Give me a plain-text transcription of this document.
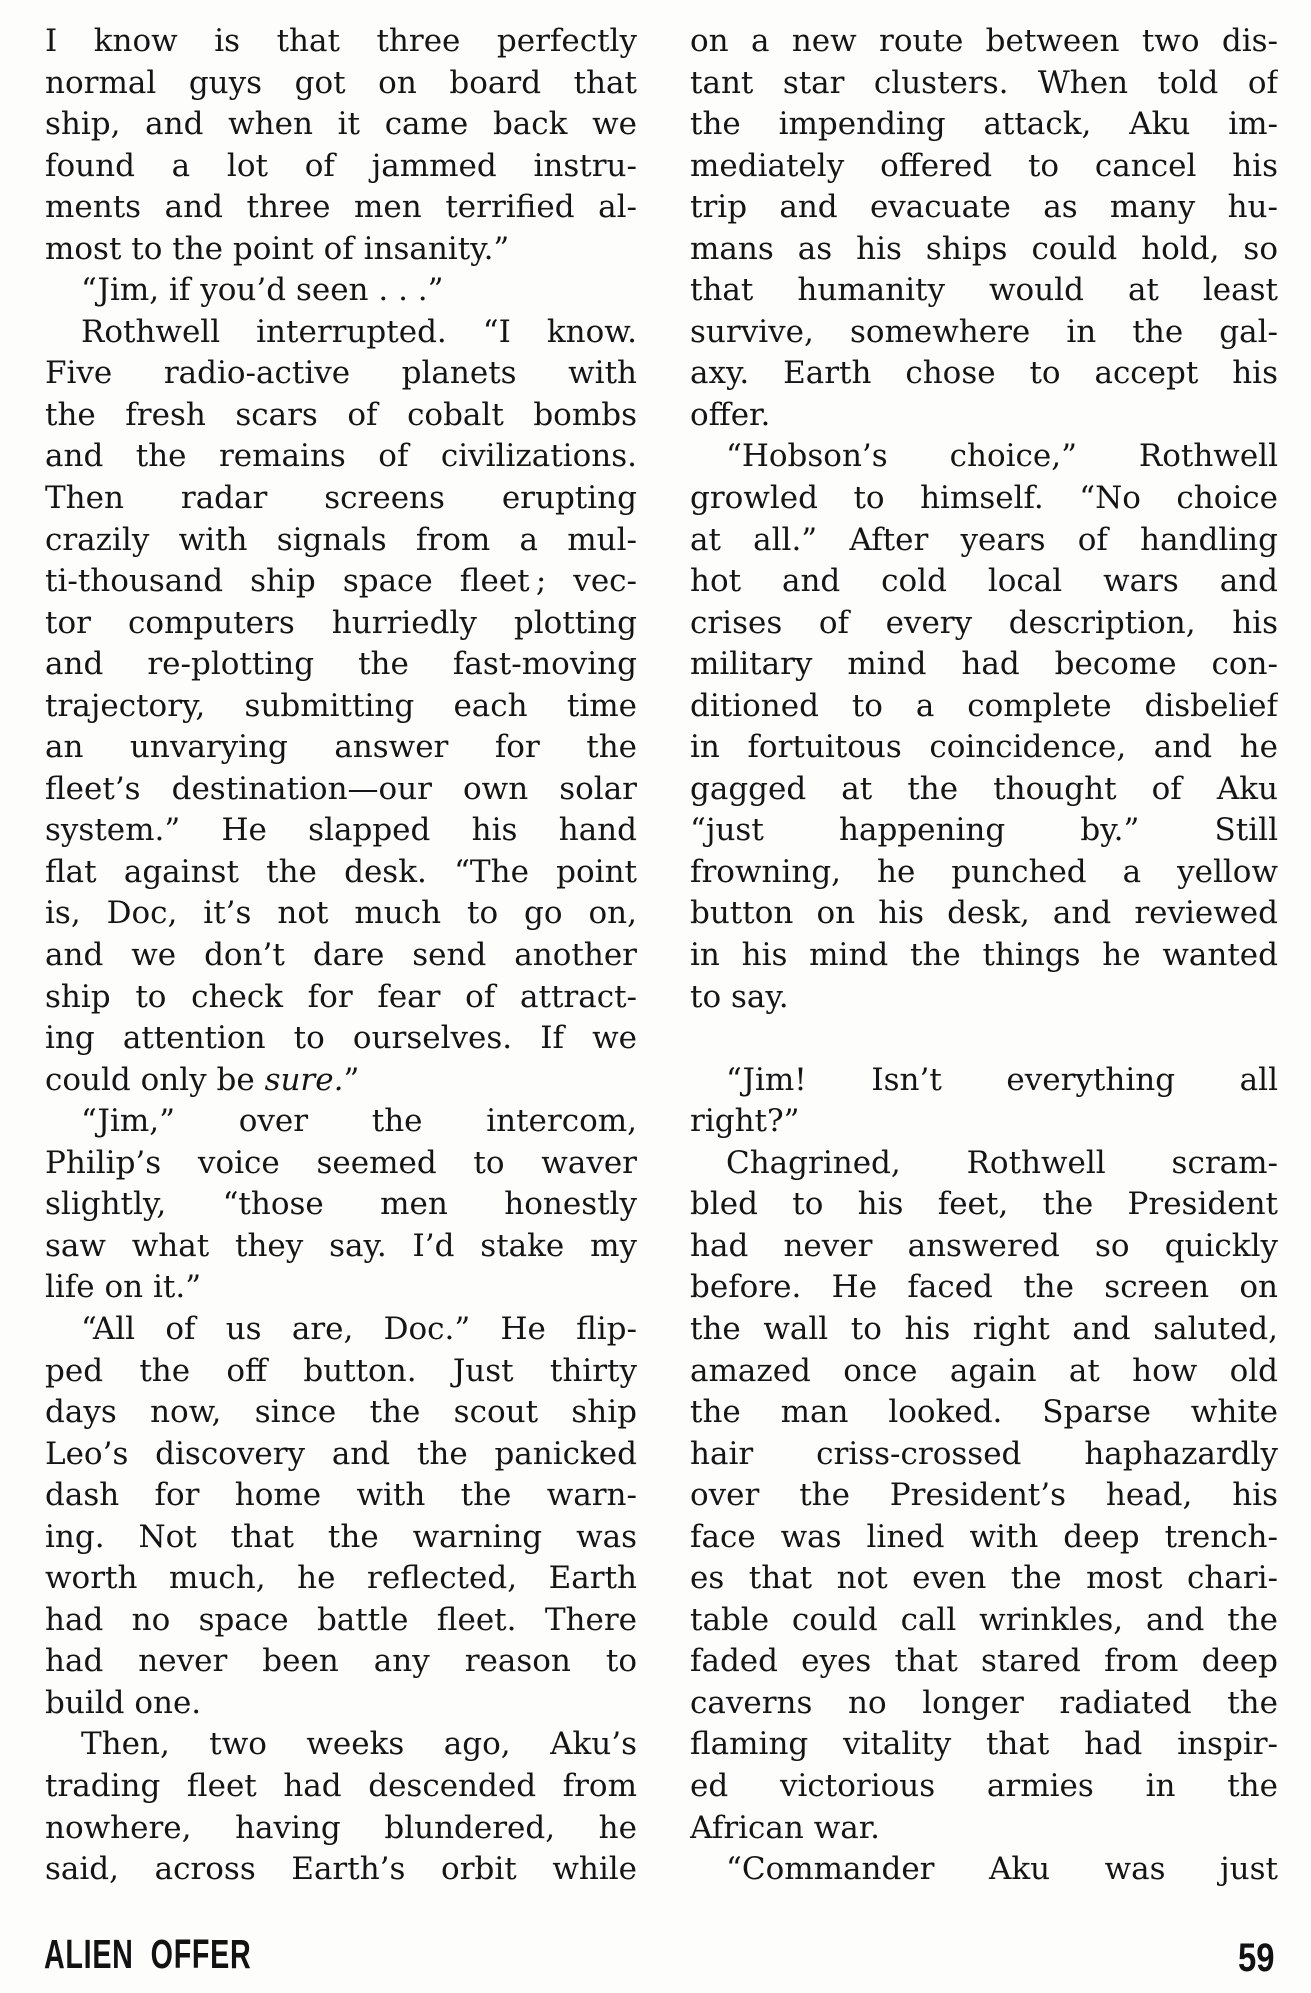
I know is that three perfectly
normal guys got on board that
ship, and when it came back we
found a lot of jammed instru-
ments and three men terrified al-
most to the point of insanity.”
“Jim, if you’d seen . . .”
Rothwell interrupted. “I know.
Five radio-active planets with
the fresh scars of cobalt bombs
and the remains of civilizations.
Then radar screens erupting
crazily with signals from a mul-
ti-thousand ship space fleet ; vec-
tor computers hurriedly plotting
and re-plotting the fast-moving
trajectory, submitting each time
an unvarying answer for the
fleet’s destination—our own solar
system.” He slapped his hand
flat against the desk. “The point
is, Doc, it’s not much to go on,
and we don’t dare send another
ship to check for fear of attract-
ing attention to ourselves. If we
could only be sure.”
“Jim,” over the intercom,
Philip’s voice seemed to waver
slightly, “those men honestly
saw what they say. I’d stake my
life on it.”
“All of us are, Doc.” He flip-
ped the off button. Just thirty
days now, since the scout ship
Leo’s discovery and the panicked
dash for home with the warn-
ing. Not that the warning was
worth much, he reflected, Earth
had no space battle fleet. There
had never been any reason to
build one.
Then, two weeks ago, Aku’s
trading fleet had descended from
nowhere, having blundered, he
said, across Earth’s orbit while
on a new route between two dis-
tant star clusters. When told of
the impending attack, Aku im-
mediately offered to cancel his
trip and evacuate as many hu-
mans as his ships could hold, so
that humanity would at least
survive, somewhere in the gal-
axy. Earth chose to accept his
offer.
“Hobson’s choice,” Rothwell
growled to himself. “No choice
at all.” After years of handling
hot and cold local wars and
crises of every description, his
military mind had become con-
ditioned to a complete disbelief
in fortuitous coincidence, and he
gagged at the thought of Aku
“just happening by.” Still
frowning, he punched a yellow
button on his desk, and reviewed
in his mind the things he wanted
to say.
“Jim! Isn’t everything all
right?”
Chagrined, Rothwell scram-
bled to his feet, the President
had never answered so quickly
before. He faced the screen on
the wall to his right and saluted,
amazed once again at how old
the man looked. Sparse white
hair criss-crossed haphazardly
over the President’s head, his
face was lined with deep trench-
es that not even the most chari-
table could call wrinkles, and the
faded eyes that stared from deep
caverns no longer radiated the
flaming vitality that had inspir-
ed victorious armies in the
African war.
“Commander Aku was just
ALIEN OFFER	59
